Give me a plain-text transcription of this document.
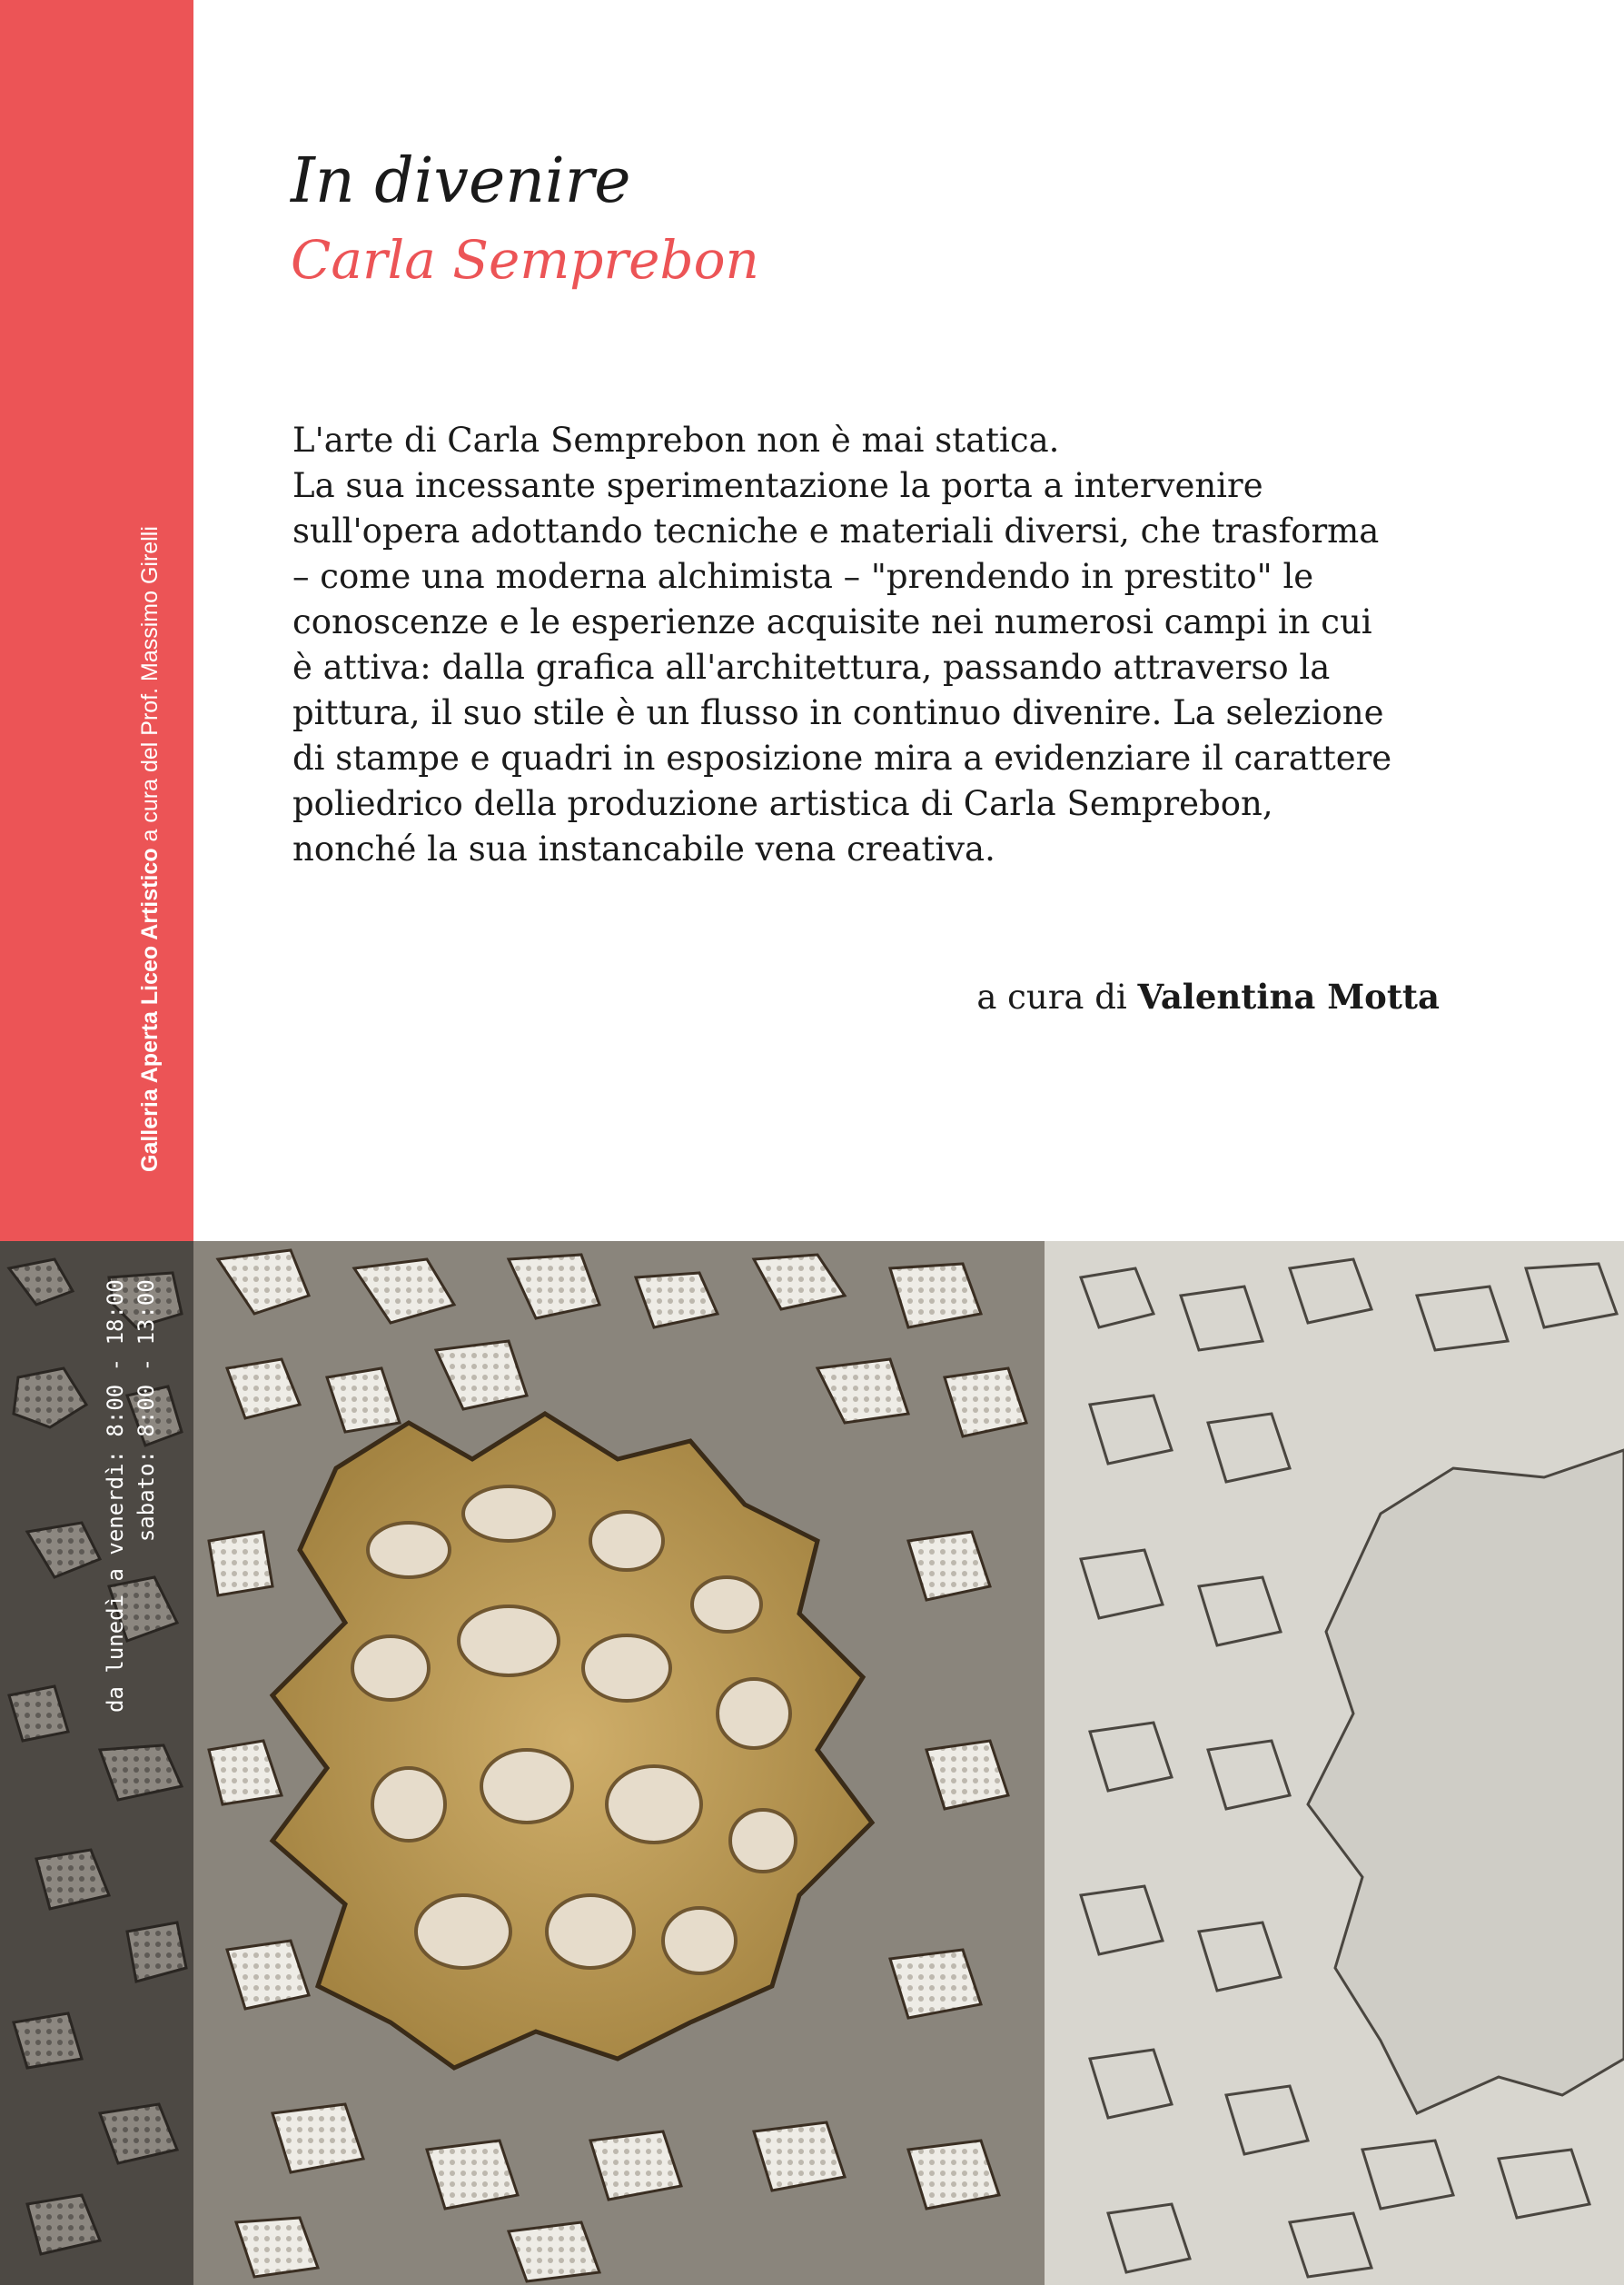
Galleria Aperta Liceo Artistico a cura del Prof. Massimo Girelli
In divenire
Carla Semprebon

L'arte di Carla Semprebon non è mai statica.

La sua incessante sperimentazione la porta a intervenire

sull'opera adottando tecniche e materiali diversi, che trasforma

– come una moderna alchimista – "prendendo in prestito" le

conoscenze e le esperienze acquisite nei numerosi campi in cui

è attiva: dalla grafica all'architettura, passando attraverso la

pittura, il suo stile è un flusso in continuo divenire. La selezione

di stampe e quadri in esposizione mira a evidenziare il carattere

poliedrico della produzione artistica di Carla Semprebon,

nonché la sua instancabile vena creativa.

a cura di Valentina Motta
da lunedì a venerdì: 8:00 - 18:00 sabato: 8:00 - 13:00
